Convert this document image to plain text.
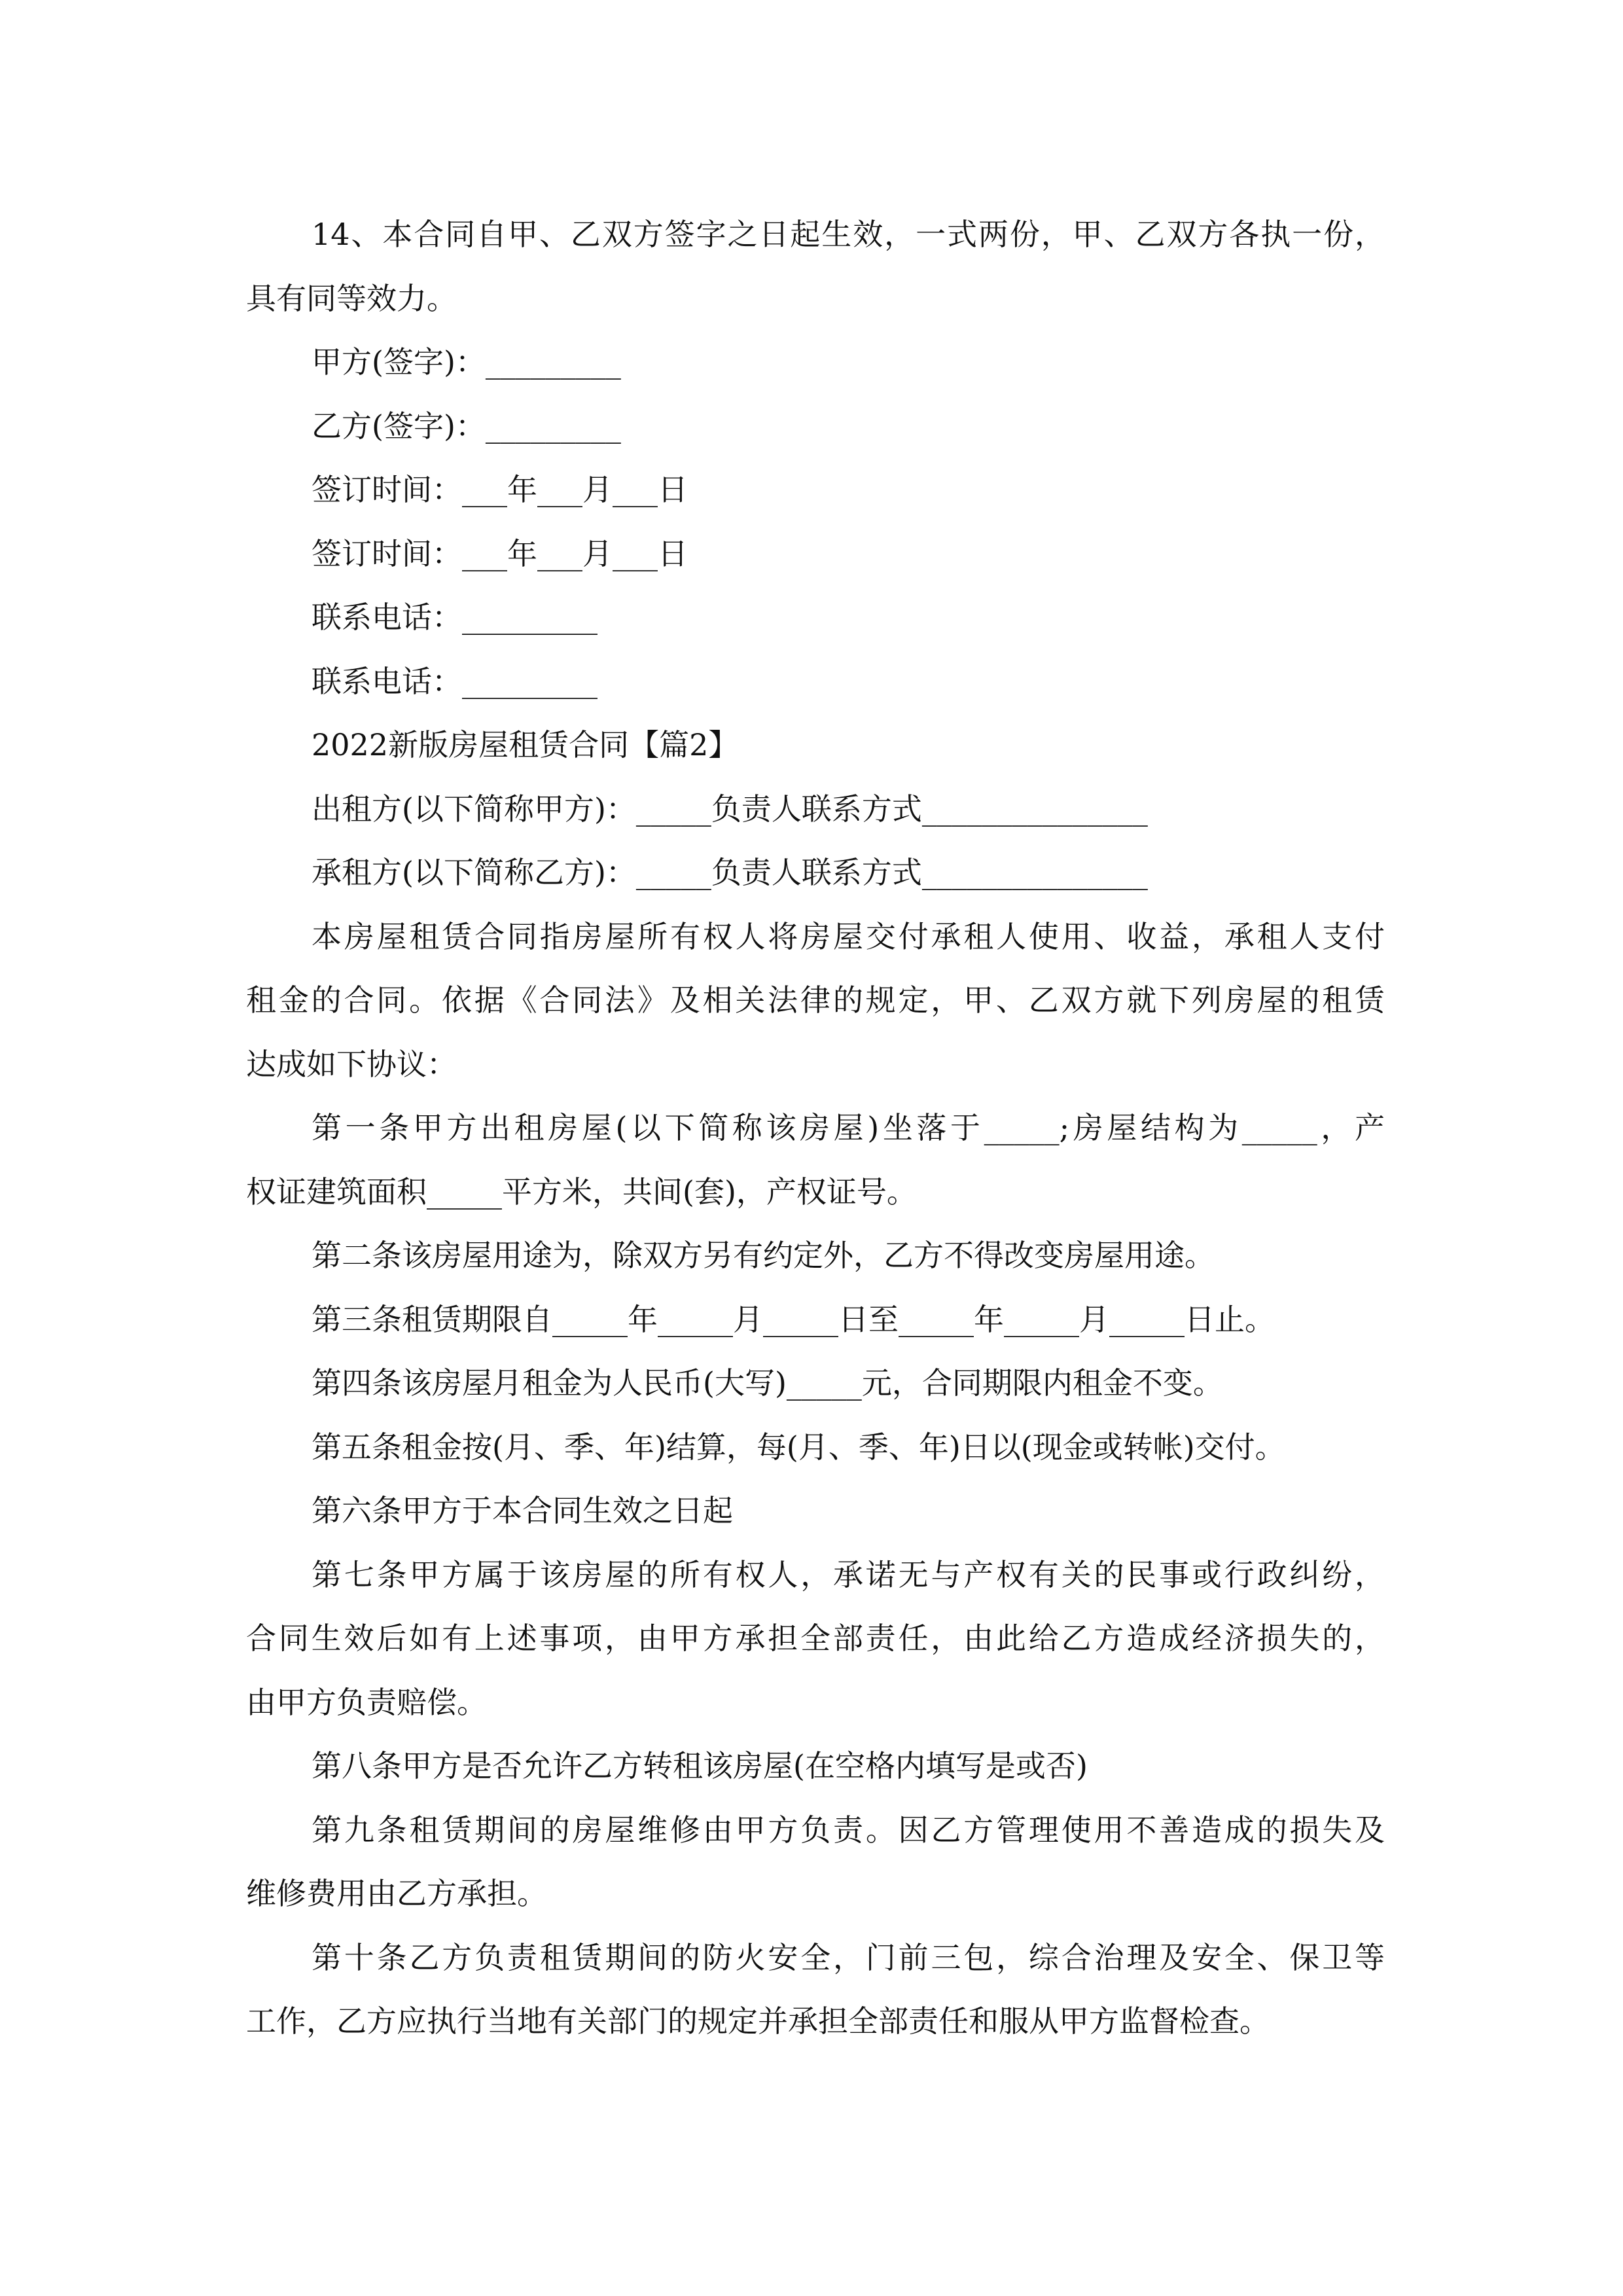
14、本合同自甲、乙双方签字之日起生效，一式两份，甲、乙双方各执一份，
具有同等效力。
甲方(签字)：_________
乙方(签字)：_________
签订时间：___年___月___日
签订时间：___年___月___日
联系电话：_________
联系电话：_________
2022新版房屋租赁合同【篇2】
出租方(以下简称甲方)：_____负责人联系方式_______________
承租方(以下简称乙方)：_____负责人联系方式_______________
本房屋租赁合同指房屋所有权人将房屋交付承租人使用、收益，承租人支付
租金的合同。依据《合同法》及相关法律的规定，甲、乙双方就下列房屋的租赁
达成如下协议：
第一条甲方出租房屋(以下简称该房屋)坐落于_____;房屋结构为_____，产
权证建筑面积_____平方米，共间(套)，产权证号。
第二条该房屋用途为，除双方另有约定外，乙方不得改变房屋用途。
第三条租赁期限自_____年_____月_____日至_____年_____月_____日止。
第四条该房屋月租金为人民币(大写)_____元，合同期限内租金不变。
第五条租金按(月、季、年)结算，每(月、季、年)日以(现金或转帐)交付。
第六条甲方于本合同生效之日起
第七条甲方属于该房屋的所有权人，承诺无与产权有关的民事或行政纠纷，
合同生效后如有上述事项，由甲方承担全部责任，由此给乙方造成经济损失的，
由甲方负责赔偿。
第八条甲方是否允许乙方转租该房屋(在空格内填写是或否)
第九条租赁期间的房屋维修由甲方负责。因乙方管理使用不善造成的损失及
维修费用由乙方承担。
第十条乙方负责租赁期间的防火安全，门前三包，综合治理及安全、保卫等
工作，乙方应执行当地有关部门的规定并承担全部责任和服从甲方监督检查。
